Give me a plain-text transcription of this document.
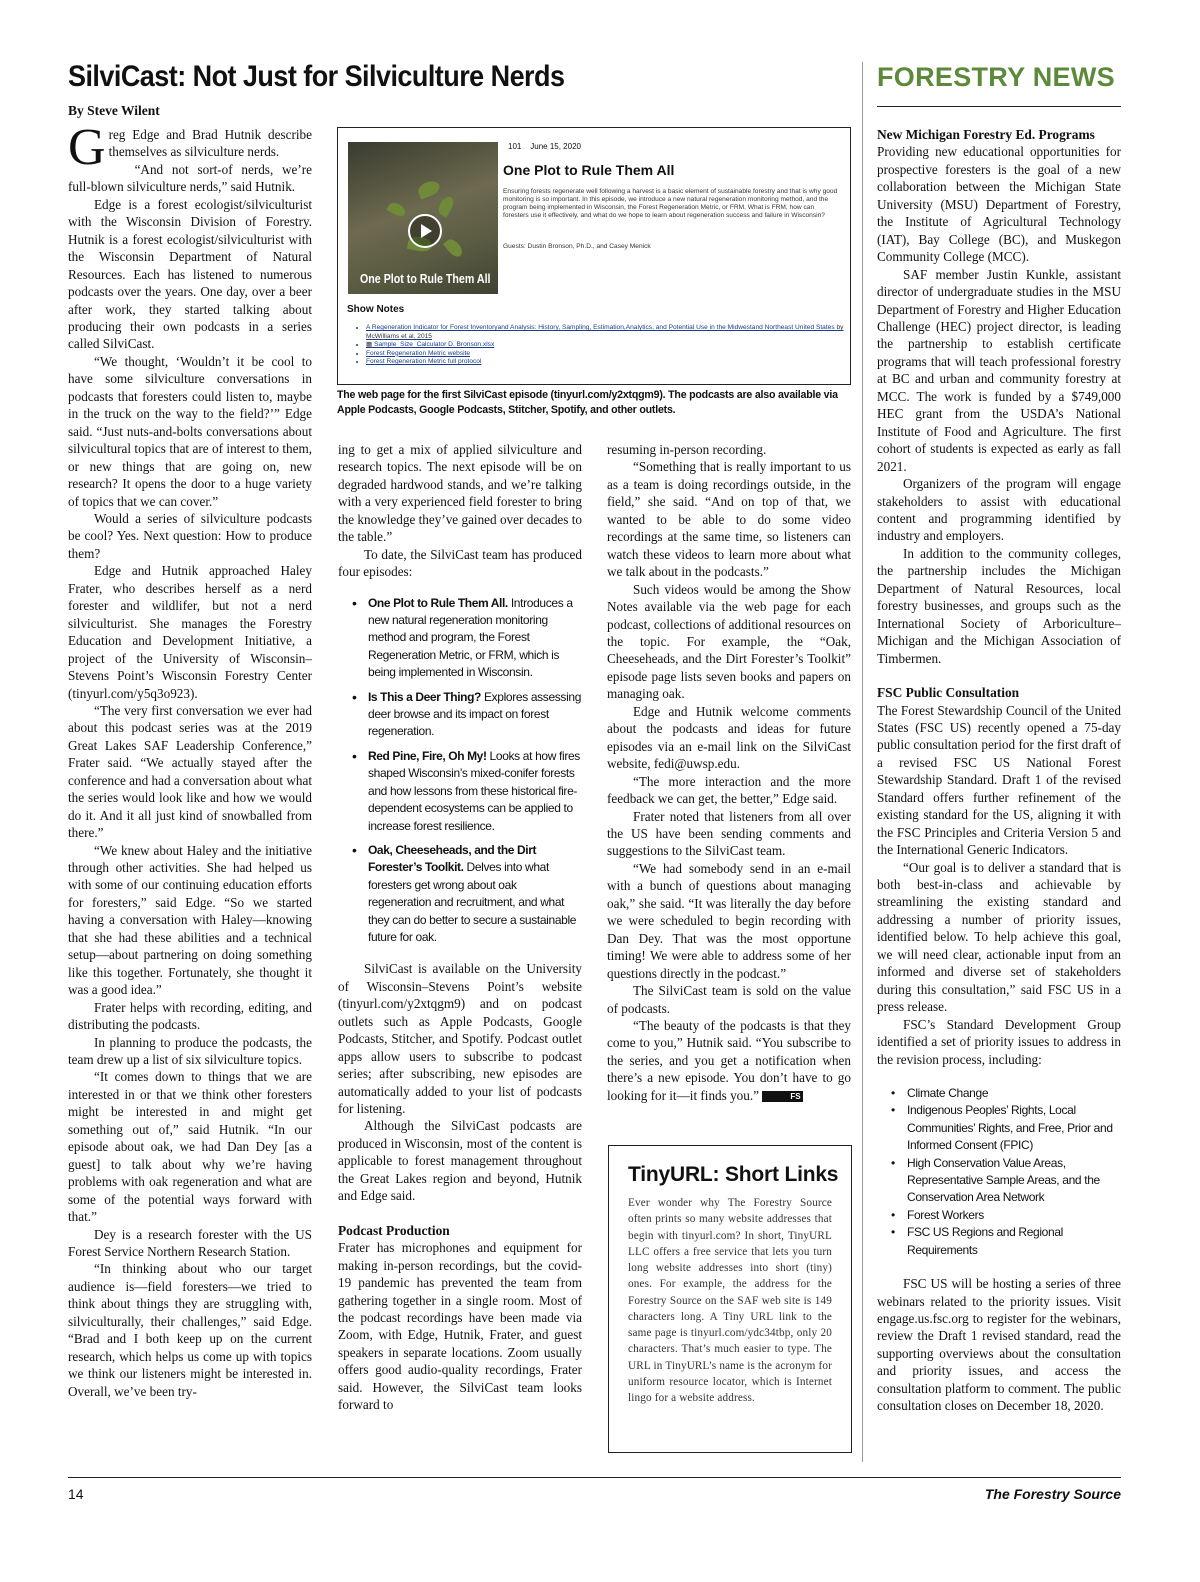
SilviCast: Not Just for Silviculture Nerds
By Steve Wilent
FORESTRY NEWS

Greg Edge and Brad Hutnik describe themselves as silviculture nerds.

“And not sort-of nerds, we’re full-blown silviculture nerds,” said Hutnik.

Edge is a forest ecologist/silviculturist with the Wisconsin Division of Forestry. Hutnik is a forest ecologist/silviculturist with the Wisconsin Department of Natural Resources. Each has listened to numerous podcasts over the years. One day, over a beer after work, they started talking about producing their own podcasts in a series called SilviCast.

“We thought, ‘Wouldn’t it be cool to have some silviculture conversations in podcasts that foresters could listen to, maybe in the truck on the way to the field?’” Edge said. “Just nuts-and-bolts conversations about silvicultural topics that are of interest to them, or new things that are going on, new research? It opens the door to a huge variety of topics that we can cover.”

Would a series of silviculture podcasts be cool? Yes. Next question: How to produce them?

Edge and Hutnik approached Haley Frater, who describes herself as a nerd forester and wildlifer, but not a nerd silviculturist. She manages the Forestry Education and Development Initiative, a project of the University of Wisconsin–Stevens Point’s Wisconsin Forestry Center (tinyurl.com/y5q3o923).

“The very first conversation we ever had about this podcast series was at the 2019 Great Lakes SAF Leadership Conference,” Frater said. “We actually stayed after the conference and had a conversation about what the series would look like and how we would do it. And it all just kind of snowballed from there.”

“We knew about Haley and the initiative through other activities. She had helped us with some of our continuing education efforts for foresters,” said Edge. “So we started having a conversation with Haley—knowing that she had these abilities and a technical setup—about partnering on doing something like this together. Fortunately, she thought it was a good idea.”

Frater helps with recording, editing, and distributing the podcasts.

In planning to produce the podcasts, the team drew up a list of six silviculture topics.

“It comes down to things that we are interested in or that we think other foresters might be interested in and might get something out of,” said Hutnik. “In our episode about oak, we had Dan Dey [as a guest] to talk about why we’re having problems with oak regeneration and what are some of the potential ways forward with that.”

Dey is a research forester with the US Forest Service Northern Research Station.

“In thinking about who our target audience is—field foresters—we tried to think about things they are struggling with, silviculturally, their challenges,” said Edge. “Brad and I both keep up on the current research, which helps us come up with topics we think our listeners might be interested in. Overall, we’ve been try-

One Plot to Rule Them All
101 June 15, 2020
One Plot to Rule Them All
Ensuring forests regenerate well following a harvest is a basic element of sustainable forestry and that is why good monitoring is so important. In this episode, we introduce a new natural regeneration monitoring method, and the program being implemented in Wisconsin, the Forest Regeneration Metric, or FRM. What is FRM, how can foresters use it effectively, and what do we hope to learn about regeneration success and failure in Wisconsin?
Guests: Dustin Bronson, Ph.D., and Casey Menick
Show Notes
• A Regeneration Indicator for Forest Inventoryand Analysis: History, Sampling, Estimation,Analytics, and Potential Use in the Midwestand Northeast United States by McWilliams et al, 2015
• ▦ Sample_Size_Calculator D. Bronson.xlsx
• Forest Regeneration Metric website
• Forest Regeneration Metric full protocol
The web page for the first SilviCast episode (tinyurl.com/y2xtqgm9). The podcasts are also available via Apple Podcasts, Google Podcasts, Stitcher, Spotify, and other outlets.

ing to get a mix of applied silviculture and research topics. The next episode will be on degraded hardwood stands, and we’re talking with a very experienced field forester to bring the knowledge they’ve gained over decades to the table.”

To date, the SilviCast team has produced four episodes:

• One Plot to Rule Them All. Introduces a new natural regeneration monitoring method and program, the Forest Regeneration Metric, or FRM, which is being implemented in Wisconsin.
• Is This a Deer Thing? Explores assessing deer browse and its impact on forest regeneration.
• Red Pine, Fire, Oh My! Looks at how fires shaped Wisconsin’s mixed-conifer forests and how lessons from these historical fire-dependent ecosystems can be applied to increase forest resilience.
• Oak, Cheeseheads, and the Dirt Forester’s Toolkit. Delves into what foresters get wrong about oak regeneration and recruitment, and what they can do better to secure a sustainable future for oak.

SilviCast is available on the University of Wisconsin–Stevens Point’s website (tinyurl.com/y2xtqgm9) and on podcast outlets such as Apple Podcasts, Google Podcasts, Stitcher, and Spotify. Podcast outlet apps allow users to subscribe to podcast series; after subscribing, new episodes are automatically added to your list of podcasts for listening.

Although the SilviCast podcasts are produced in Wisconsin, most of the content is applicable to forest management throughout the Great Lakes region and beyond, Hutnik and Edge said.

Podcast Production

Frater has microphones and equipment for making in-person recordings, but the covid-19 pandemic has prevented the team from gathering together in a single room. Most of the podcast recordings have been made via Zoom, with Edge, Hutnik, Frater, and guest speakers in separate locations. Zoom usually offers good audio-quality recordings, Frater said. However, the SilviCast team looks forward to

resuming in-person recording.

“Something that is really important to us as a team is doing recordings outside, in the field,” she said. “And on top of that, we wanted to be able to do some video recordings at the same time, so listeners can watch these videos to learn more about what we talk about in the podcasts.”

Such videos would be among the Show Notes available via the web page for each podcast, collections of additional resources on the topic. For example, the “Oak, Cheeseheads, and the Dirt Forester’s Toolkit” episode page lists seven books and papers on managing oak.

Edge and Hutnik welcome comments about the podcasts and ideas for future episodes via an e-mail link on the SilviCast website, fedi@uwsp.edu.

“The more interaction and the more feedback we can get, the better,” Edge said.

Frater noted that listeners from all over the US have been sending comments and suggestions to the SilviCast team.

“We had somebody send in an e-mail with a bunch of questions about managing oak,” she said. “It was literally the day before we were scheduled to begin recording with Dan Dey. That was the most opportune timing! We were able to address some of her questions directly in the podcast.”

The SilviCast team is sold on the value of podcasts.

“The beauty of the podcasts is that they come to you,” Hutnik said. “You subscribe to the series, and you get a notification when there’s a new episode. You don’t have to go looking for it—it finds you.”	FS

TinyURL: Short Links
Ever wonder why The Forestry Source often prints so many website addresses that begin with tinyurl.com? In short, TinyURL LLC offers a free service that lets you turn long website addresses into short (tiny) ones. For example, the address for the Forestry Source on the SAF web site is 149 characters long. A Tiny URL link to the same page is tinyurl.com/ydc34tbp, only 20 characters. That’s much easier to type. The URL in TinyURL’s name is the acronym for uniform resource locator, which is Internet lingo for a website address.
New Michigan Forestry Ed. Programs

Providing new educational opportunities for prospective foresters is the goal of a new collaboration between the Michigan State University (MSU) Department of Forestry, the Institute of Agricultural Technology (IAT), Bay College (BC), and Muskegon Community College (MCC).

SAF member Justin Kunkle, assistant director of undergraduate studies in the MSU Department of Forestry and Higher Education Challenge (HEC) project director, is leading the partnership to establish certificate programs that will teach professional forestry at BC and urban and community forestry at MCC. The work is funded by a $749,000 HEC grant from the USDA’s National Institute of Food and Agriculture. The first cohort of students is expected as early as fall 2021.

Organizers of the program will engage stakeholders to assist with educational content and programming identified by industry and employers.

In addition to the community colleges, the partnership includes the Michigan Department of Natural Resources, local forestry businesses, and groups such as the International Society of Arboriculture–Michigan and the Michigan Association of Timbermen.

FSC Public Consultation

The Forest Stewardship Council of the United States (FSC US) recently opened a 75-day public consultation period for the first draft of a revised FSC US National Forest Stewardship Standard. Draft 1 of the revised Standard offers further refinement of the existing standard for the US, aligning it with the FSC Principles and Criteria Version 5 and the International Generic Indicators.

“Our goal is to deliver a standard that is both best-in-class and achievable by streamlining the existing standard and addressing a number of priority issues, identified below. To help achieve this goal, we will need clear, actionable input from an informed and diverse set of stakeholders during this consultation,” said FSC US in a press release.

FSC’s Standard Development Group identified a set of priority issues to address in the revision process, including:

• Climate Change
• Indigenous Peoples’ Rights, Local Communities’ Rights, and Free, Prior and Informed Consent (FPIC)
• High Conservation Value Areas, Representative Sample Areas, and the Conservation Area Network
• Forest Workers
• FSC US Regions and Regional Requirements

FSC US will be hosting a series of three webinars related to the priority issues. Visit engage.us.fsc.org to register for the webinars, review the Draft 1 revised standard, read the supporting overviews about the consultation and priority issues, and access the consultation platform to comment. The public consultation closes on December 18, 2020.

14	The Forestry Source
